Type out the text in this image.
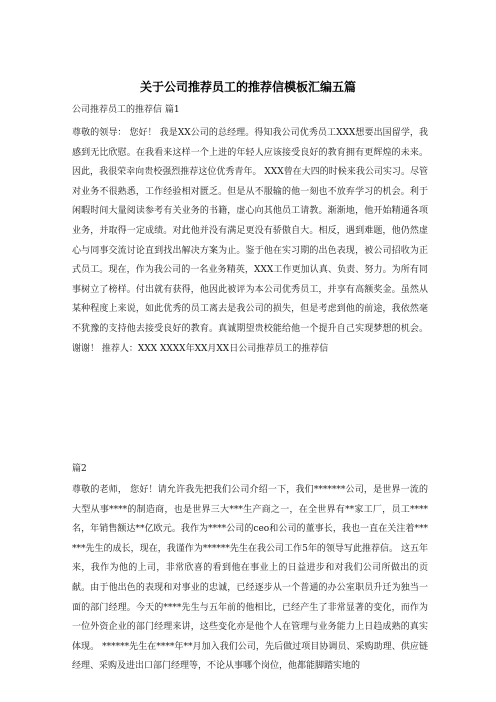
关于公司推荐员工的推荐信模板汇编五篇
公司推荐员工的推荐信 篇1
尊敬的领导： 您好！ 我是XX公司的总经理。得知我公司优秀员工XXX想要出国留学，我感到无比欣慰。在我看来这样一个上进的年轻人应该接受良好的教育拥有更辉煌的未来。因此，我很荣幸向贵校强烈推荐这位优秀青年。 XXX曾在大四的时候来我公司实习。尽管对业务不很熟悉，工作经验相对匮乏。但是从不服输的他一刻也不放弃学习的机会。利于闲暇时间大量阅读参考有关业务的书籍，虚心向其他员工请教。渐渐地，他开始精通各项业务，并取得一定成绩。对此他并没有满足更没有骄傲自大。相反，遇到难题，他仍然虚心与同事交流讨论直到找出解决方案为止。鉴于他在实习期的出色表现，被公司招收为正式员工。现在，作为我公司的一名业务精英，XXX工作更加认真、负责、努力。为所有同事树立了榜样。付出就有获得，他因此被评为本公司优秀员工，并享有高额奖金。虽然从某种程度上来说，如此优秀的员工离去是我公司的损失，但是考虑到他的前途，我依然毫不犹豫的支持他去接受良好的教育。真诚期望贵校能给他一个提升自己实现梦想的机会。谢谢！ 推荐人：XXX XXXX年XX月XX日公司推荐员工的推荐信
篇2
尊敬的老师， 您好！请允许我先把我们公司介绍一下，我们*******公司，是世界一流的大型从事****的制造商，也是世界三大***生产商之一，在全世界有**家工厂，员工****名，年销售额达**亿欧元。我作为****公司的ceo和公司的董事长，我也一直在关注着******先生的成长，现在，我谨作为******先生在我公司工作5年的领导写此推荐信。 这五年来，我作为他的上司，非常欣喜的看到他在事业上的日益进步和对我们公司所做出的贡献。由于他出色的表现和对事业的忠诚，已经逐步从一个普通的办公室职员升迁为独当一面的部门经理。今天的****先生与五年前的他相比，已经产生了非常显著的变化，而作为一位外资企业的部门经理来讲，这些变化亦是他个人在管理与业务能力上日趋成熟的真实体现。 ******先生在****年**月加入我们公司，先后做过项目协调员、采购助理、供应链经理、采购及进出口部门经理等，不论从事哪个岗位，他都能脚踏实地的
